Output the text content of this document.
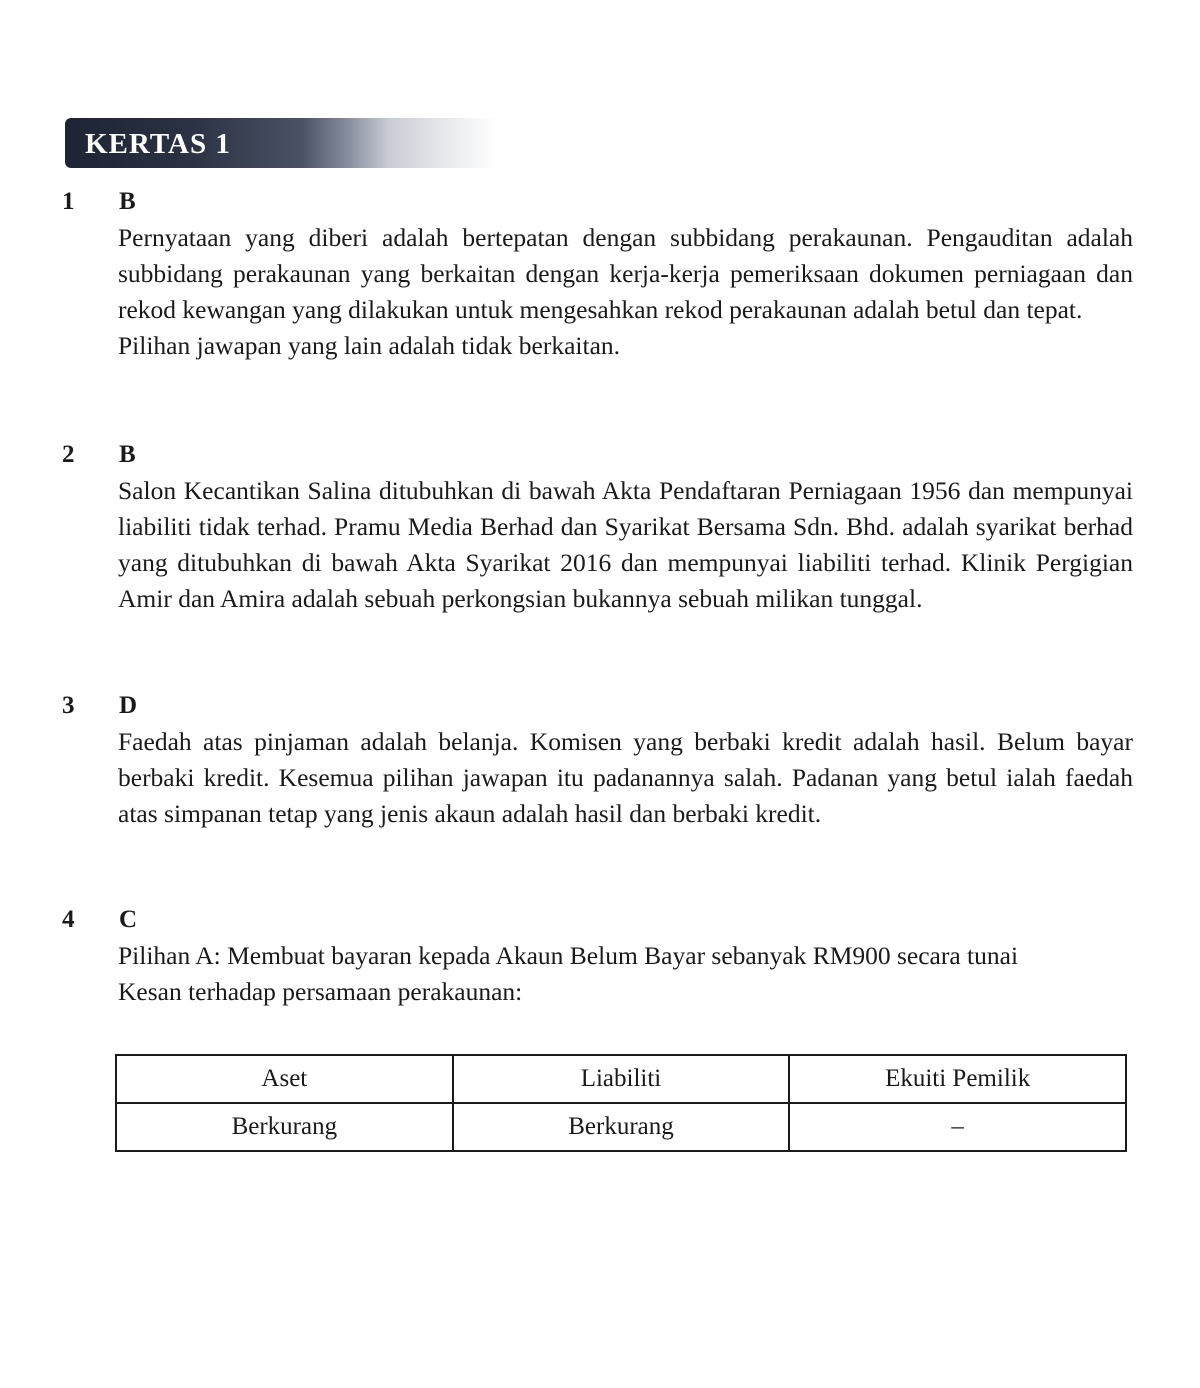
KERTAS 1
1 B

Pernyataan yang diberi adalah bertepatan dengan subbidang perakaunan. Pengauditan adalah subbidang perakaunan yang berkaitan dengan kerja-kerja pemeriksaan dokumen perniagaan dan rekod kewangan yang dilakukan untuk mengesahkan rekod perakaunan adalah betul dan tepat.

Pilihan jawapan yang lain adalah tidak berkaitan.

2 B

Salon Kecantikan Salina ditubuhkan di bawah Akta Pendaftaran Perniagaan 1956 dan mempunyai liabiliti tidak terhad. Pramu Media Berhad dan Syarikat Bersama Sdn. Bhd. adalah syarikat berhad yang ditubuhkan di bawah Akta Syarikat 2016 dan mempunyai liabiliti terhad. Klinik Pergigian Amir dan Amira adalah sebuah perkongsian bukannya sebuah milikan tunggal.

3 D

Faedah atas pinjaman adalah belanja. Komisen yang berbaki kredit adalah hasil. Belum bayar berbaki kredit. Kesemua pilihan jawapan itu padanannya salah. Padanan yang betul ialah faedah atas simpanan tetap yang jenis akaun adalah hasil dan berbaki kredit.

4 C

Pilihan A: Membuat bayaran kepada Akaun Belum Bayar sebanyak RM900 secara tunai

Kesan terhadap persamaan perakaunan:

Aset	Liabiliti	Ekuiti Pemilik
Berkurang	Berkurang	–
